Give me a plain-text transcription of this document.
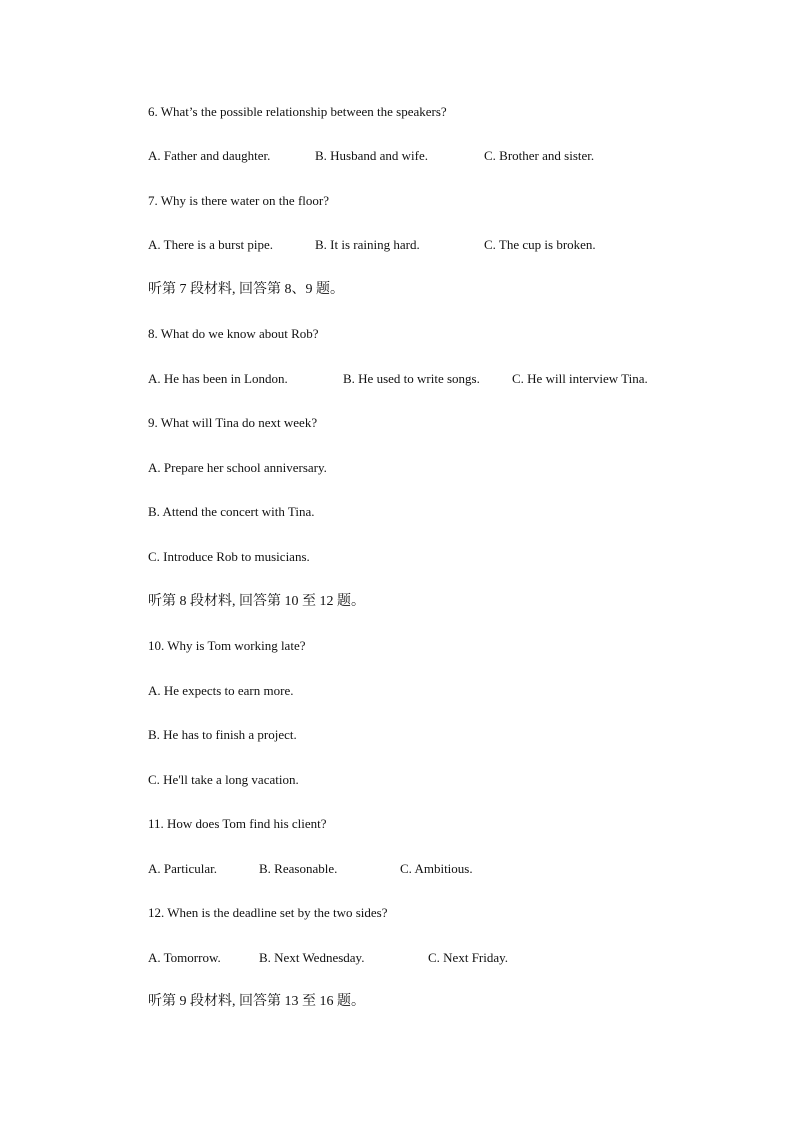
6. What’s the possible relationship between the speakers?
A. Father and daughter.	B. Husband and wife.	C. Brother and sister.
7. Why is there water on the floor?
A. There is a burst pipe.	B. It is raining hard.	C. The cup is broken.
听第 7 段材料, 回答第 8、9 题。
8. What do we know about Rob?
A. He has been in London.	B. He used to write songs. C. He will interview Tina.
9. What will Tina do next week?
A. Prepare her school anniversary.
B. Attend the concert with Tina.
C. Introduce Rob to musicians.
听第 8 段材料, 回答第 10 至 12 题。
10. Why is Tom working late?
A. He expects to earn more.
B. He has to finish a project.
C. He'll take a long vacation.
11. How does Tom find his client?
A. Particular.	B. Reasonable.	C. Ambitious.
12. When is the deadline set by the two sides?
A. Tomorrow.	B. Next Wednesday.	C. Next Friday.
听第 9 段材料, 回答第 13 至 16 题。
